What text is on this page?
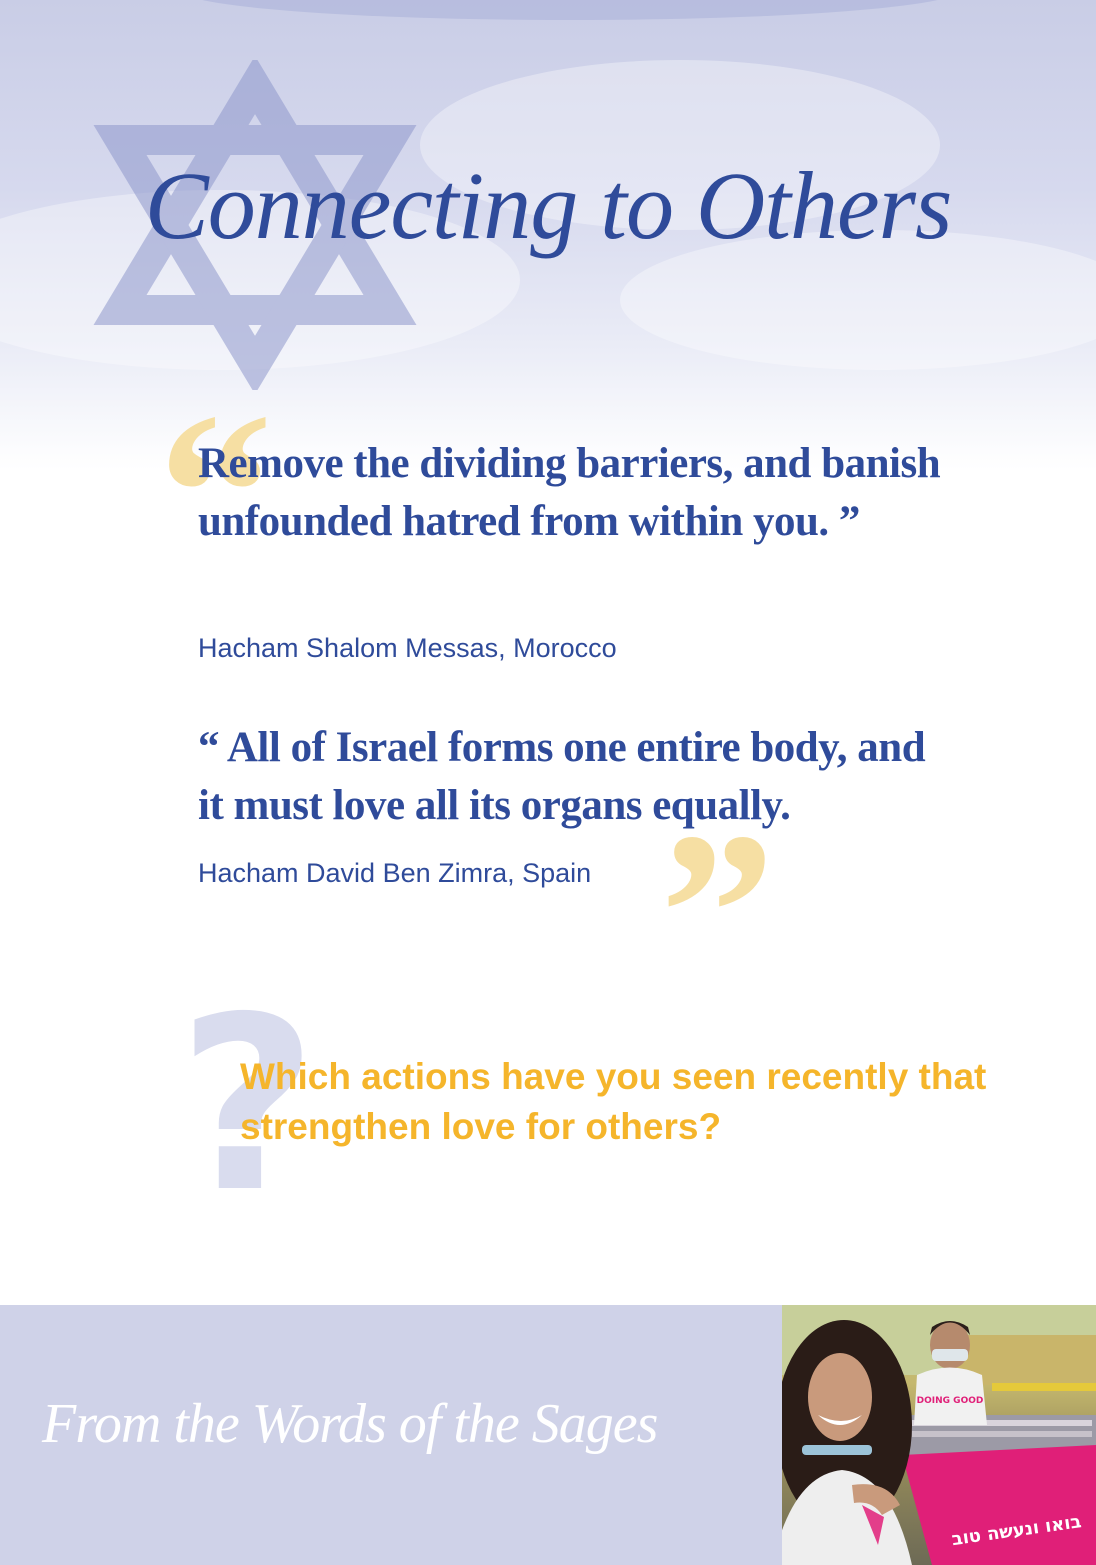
Connecting to Others
“
Remove the dividing barriers, and banish unfounded hatred from within you. ”
Hacham Shalom Messas, Morocco
”
“ All of Israel forms one entire body, and it must love all its organs equally.
Hacham David Ben Zimra, Spain
?
Which actions have you seen recently that strengthen love for others?
From the Words of the Sages
בואו ונעשה טוב
DOING GOOD
